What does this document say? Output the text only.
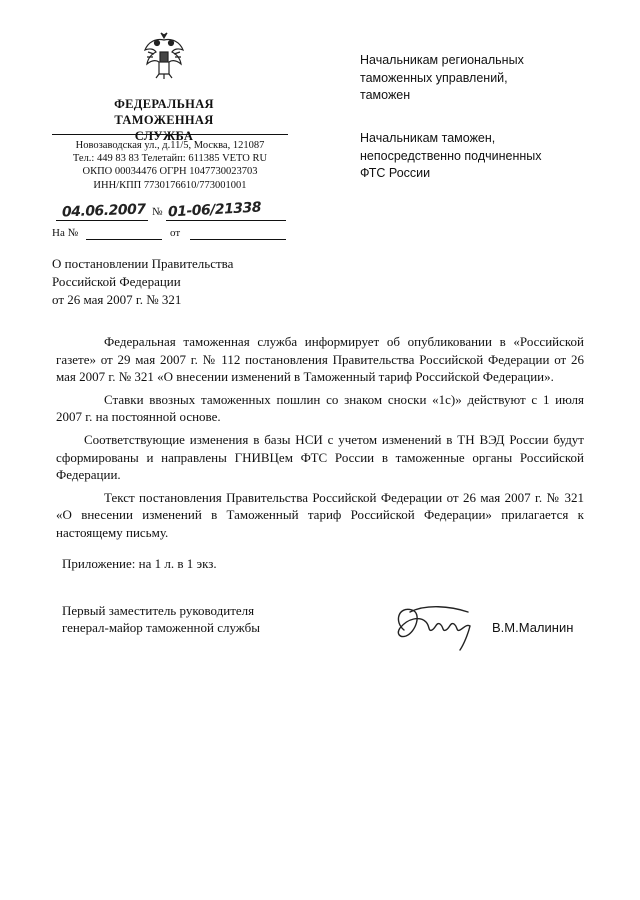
ФЕДЕРАЛЬНАЯ
ТАМОЖЕННАЯ СЛУЖБА
Новозаводская ул., д.11/5, Москва, 121087
Тел.: 449 83 83 Телетайп: 611385 VETO RU
ОКПО 00034476 ОГРН 1047730023703
ИНН/КПП 7730176610/773001001
04.06.2007 № 01-06/21338
На №	от
Начальникам региональных
таможенных управлений,
таможен
Начальникам таможен,
непосредственно подчиненных
ФТС России
О постановлении Правительства
Российской Федерации
от 26 мая 2007 г. № 321

Федеральная таможенная служба информирует об опубликовании в «Российской газете» от 29 мая 2007 г. № 112 постановления Правительства Российской Федерации от 26 мая 2007 г. № 321 «О внесении изменений в Таможенный тариф Российской Федерации».

Ставки ввозных таможенных пошлин со знаком сноски «1с)» действуют с 1 июля 2007 г. на постоянной основе.

Соответствующие изменения в базы НСИ с учетом изменений в ТН ВЭД России будут сформированы и направлены ГНИВЦем ФТС России в таможенные органы Российской Федерации.

Текст постановления Правительства Российской Федерации от 26 мая 2007 г. № 321 «О внесении изменений в Таможенный тариф Российской Федерации» прилагается к настоящему письму.

Приложение: на 1 л. в 1 экз.
Первый заместитель руководителя
генерал-майор таможенной службы	В.М.Малинин
